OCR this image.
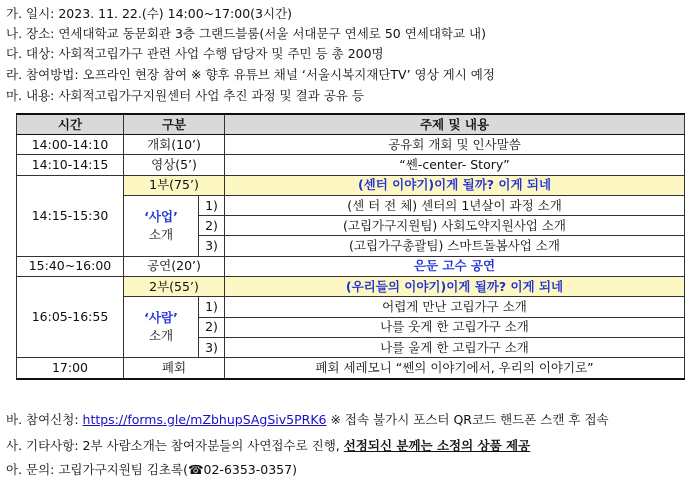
가. 일시: 2023. 11. 22.(수) 14:00~17:00(3시간)
나. 장소: 연세대학교 동문회관 3층 그랜드블룸(서울 서대문구 연세로 50 연세대학교 내)
다. 대상: 사회적고립가구 관련 사업 수행 담당자 및 주민 등 총 200명
라. 참여방법: 오프라인 현장 참여 ※ 향후 유튜브 채널 ‘서울시복지재단TV’ 영상 게시 예정
마. 내용: 사회적고립가구지원센터 사업 추진 과정 및 결과 공유 등
시간	구분		주제 및 내용
14:00-14:10	개회(10’)		공유회 개회 및 인사말씀
14:10-14:15	영상(5’)		“쎈-center- Story”
14:15-15:30	1부(75’)		(센터 이야기)이게 될까? 이게 되네

	‘사업’
소개	1)	(센 터 전 체) 센터의 1년살이 과정 소개
		2)	(고립가구지원팀) 사회도약지원사업 소개
		3)	(고립가구총괄팀) 스마트돌봄사업 소개
15:40~16:00	공연(20’)		은둔 고수 공연
16:05-16:55	2부(55’)		(우리들의 이야기)이게 될까? 이게 되네

	‘사람’
소개	1)	어렵게 만난 고립가구 소개
		2)	나를 웃게 한 고립가구 소개
		3)	나를 울게 한 고립가구 소개
17:00	폐회		폐회 세레모니 “쎈의 이야기에서, 우리의 이야기로”
바. 참여신청: https://forms.gle/mZbhupSAgSiv5PRK6 ※ 접속 불가시 포스터 QR코드 핸드폰 스캔 후 접속
사. 기타사항: 2부 사람소개는 참여자분들의 사연접수로 진행, 선정되신 분께는 소정의 상품 제공
아. 문의: 고립가구지원팀 김초록(☎02-6353-0357)
